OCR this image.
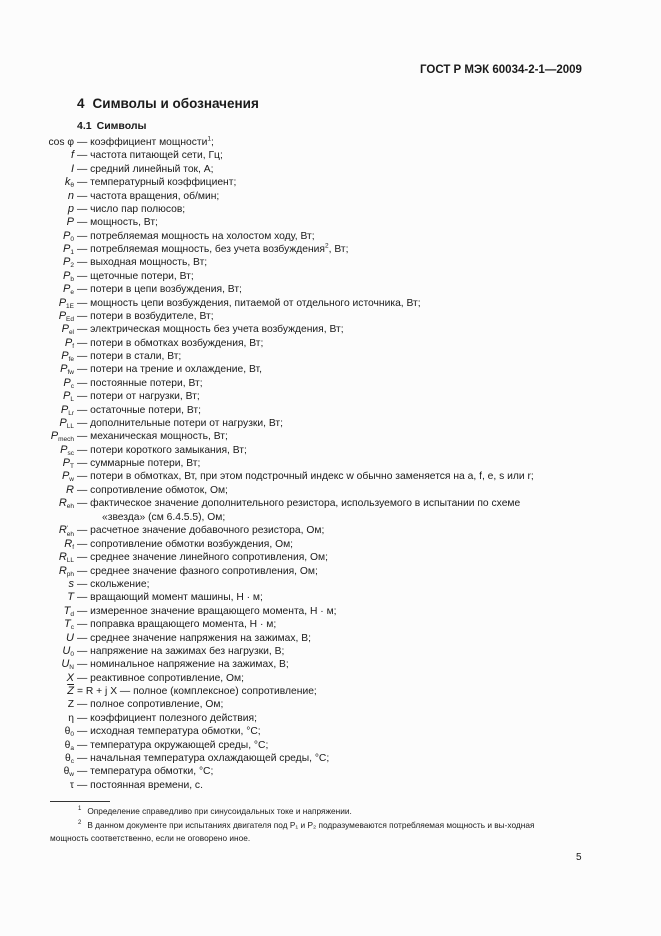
ГОСТ Р МЭК 60034-2-1—2009
4 Символы и обозначения
4.1 Символы
cos φ — коэффициент мощности$^1$;
f — частота питающей сети, Гц;
I — средний линейный ток, А;
$k_\theta$ — температурный коэффициент;
n — частота вращения, об/мин;
p — число пар полюсов;
P — мощность, Вт;
$P_0$ — потребляемая мощность на холостом ходу, Вт;
$P_1$ — потребляемая мощность, без учета возбуждения$^2$, Вт;
$P_2$ — выходная мощность, Вт;
$P_b$ — щеточные потери, Вт;
$P_e$ — потери в цепи возбуждения, Вт;
$P_{1E}$ — мощность цепи возбуждения, питаемой от отдельного источника, Вт;
$P_{Ed}$ — потери в возбудителе, Вт;
$P_{el}$ — электрическая мощность без учета возбуждения, Вт;
$P_f$ — потери в обмотках возбуждения, Вт;
$P_{fe}$ — потери в стали, Вт;
$P_{fw}$ — потери на трение и охлаждение, Вт,
$P_c$ — постоянные потери, Вт;
$P_L$ — потери от нагрузки, Вт;
$P_{Lr}$ — остаточные потери, Вт;
$P_{LL}$ — дополнительные потери от нагрузки, Вт;
$P_{mech}$ — механическая мощность, Вт;
$P_{sc}$ — потери короткого замыкания, Вт;
$P_T$ — суммарные потери, Вт;
$P_w$ — потери в обмотках, Вт, при этом подстрочный индекс w обычно заменяется на a, f, e, s или r;
R — сопротивление обмоток, Ом;
$R_{eh}$ — фактическое значение дополнительного резистора, используемого в испытании по схеме
«звезда» (см 6.4.5.5), Ом;
R '
eh — расчетное значение добавочного резистора, Ом;
$R_f$ — сопротивление обмотки возбуждения, Ом;
$R_{LL}$ — среднее значение линейного сопротивления, Ом;
$R_{ph}$ — среднее значение фазного сопротивления, Ом;
s — скольжение;
T — вращающий момент машины, Н · м;
$T_d$ — измеренное значение вращающего момента, Н · м;
$T_c$ — поправка вращающего момента, Н · м;
U — среднее значение напряжения на зажимах, В;
$U_0$ — напряжение на зажимах без нагрузки, В;
$U_N$ — номинальное напряжение на зажимах, В;
X — реактивное сопротивление, Ом;
$\overline{Z} = R + j$ X — полное (комплексное) сопротивление;
Z — полное сопротивление, Ом;
η — коэффициент полезного действия;
$\theta_0$ — исходная температура обмотки, °C;
$\theta_a$ — температура окружающей среды, °C;
$\theta_c$ — начальная температура охлаждающей среды, °C;
$\theta_w$ — температура обмотки, °C;
τ — постоянная времени, с.
$^1$ Определение справедливо при синусоидальных токе и напряжении.
$^2$ В данном документе при испытаниях двигателя под P₁ и P₂ подразумеваются потребляемая мощность и вы-ходная мощность соответственно, если не оговорено иное.
5
